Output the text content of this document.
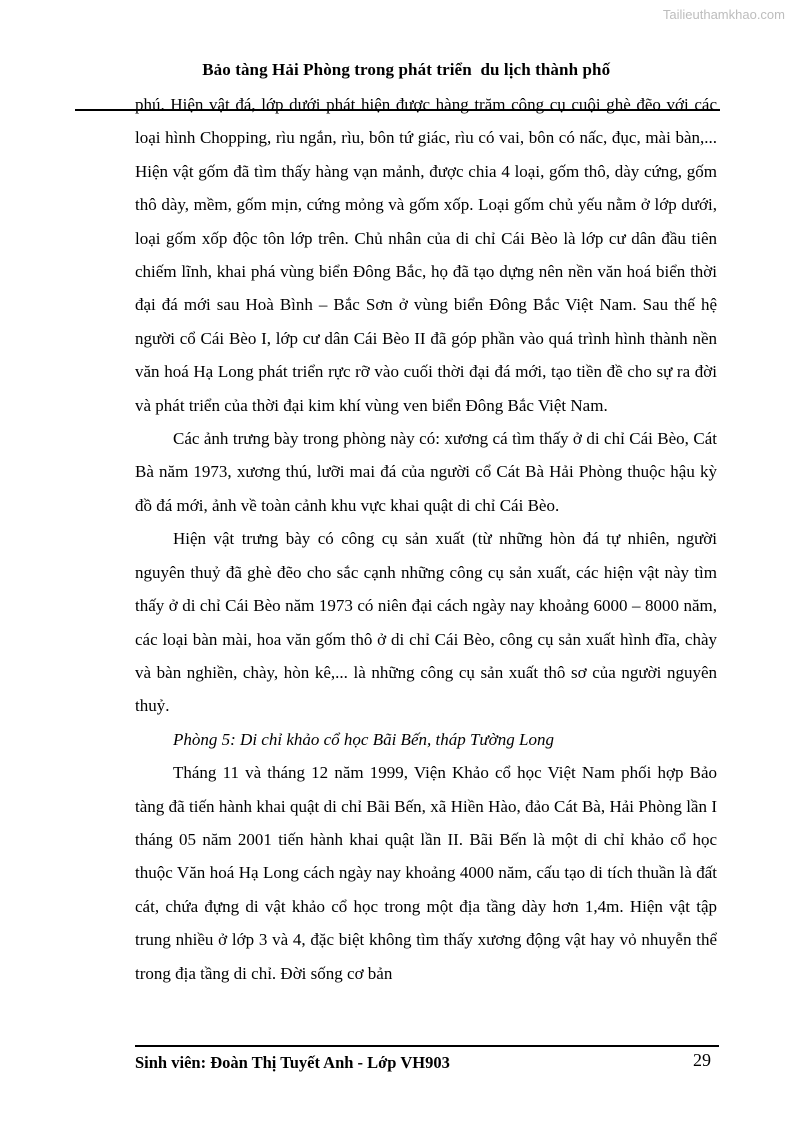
Tailieuthamkhao.com

Bảo tàng Hải Phòng trong phát triển  du lịch thành phố

phú. Hiện vật đá, lớp dưới phát hiện được hàng trăm công cụ cuội ghè đẽo với các loại hình Chopping, rìu ngắn, rìu, bôn tứ giác, rìu có vai, bôn có nấc, đục, mài bàn,... Hiện vật gốm đã tìm thấy hàng vạn mảnh, được chia 4 loại, gốm thô, dày cứng, gốm thô dày, mềm, gốm mịn, cứng mỏng và gốm xốp. Loại gốm chủ yếu nằm ở lớp dưới, loại gốm xốp độc tôn lớp trên. Chủ nhân của di chỉ Cái Bèo là lớp cư dân đầu tiên chiếm lĩnh, khai phá vùng biển Đông Bắc, họ đã tạo dựng nên nền văn hoá biển thời đại đá mới sau Hoà Bình – Bắc Sơn ở vùng biển Đông Bắc Việt Nam. Sau thế hệ người cổ Cái Bèo I, lớp cư dân Cái Bèo II đã góp phần vào quá trình hình thành nền văn hoá Hạ Long phát triển rực rỡ vào cuối thời đại đá mới, tạo tiền đề cho sự ra đời và phát triển của thời đại kim khí vùng ven biển Đông Bắc Việt Nam.

Các ảnh trưng bày trong phòng này có: xương cá tìm thấy ở di chỉ Cái Bèo, Cát Bà năm 1973, xương thú, lưỡi mai đá của người cổ Cát Bà Hải Phòng thuộc hậu kỳ đồ đá mới, ảnh về toàn cảnh khu vực khai quật di chỉ Cái Bèo.

Hiện vật trưng bày có công cụ sản xuất (từ những hòn đá tự nhiên, người nguyên thuỷ đã ghè đẽo cho sắc cạnh những công cụ sản xuất, các hiện vật này tìm thấy ở di chỉ Cái Bèo năm 1973 có niên đại cách ngày nay khoảng 6000 – 8000 năm, các loại bàn mài, hoa văn gốm thô ở di chỉ Cái Bèo, công cụ sản xuất hình đĩa, chày và bàn nghiền, chày, hòn kê,... là những công cụ sản xuất thô sơ của người nguyên thuỷ.

Phòng 5: Di chỉ khảo cổ học Bãi Bến, tháp Tường Long

Tháng 11 và tháng 12 năm 1999, Viện Khảo cổ học Việt Nam phối hợp Bảo tàng đã tiến hành khai quật di chỉ Bãi Bến, xã Hiền Hào, đảo Cát Bà, Hải Phòng lần I tháng 05 năm 2001 tiến hành khai quật lần II. Bãi Bến là một di chỉ khảo cổ học thuộc Văn hoá Hạ Long cách ngày nay khoảng 4000 năm, cấu tạo di tích thuần là đất cát, chứa đựng di vật khảo cổ học trong một địa tầng dày hơn 1,4m. Hiện vật tập trung nhiều ở lớp 3 và 4, đặc biệt không tìm thấy xương động vật hay vỏ nhuyễn thể trong địa tầng di chỉ. Đời sống cơ bản

Sinh viên: Đoàn Thị Tuyết Anh - Lớp VH903	29
